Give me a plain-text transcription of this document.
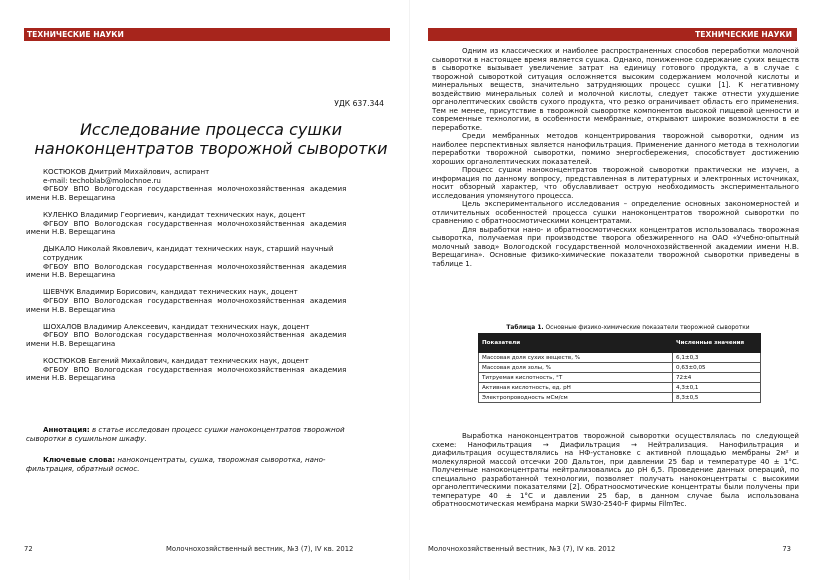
ТЕХНИЧЕСКИЕ НАУКИ
УДК 637.344
Исследование процесса сушки
наноконцентратов творожной сыворотки
КОСТЮКОВ Дмитрий Михайлович, аспирант
e-mail: techoblab@molochnoe.ru
ФГБОУ ВПО Вологодская государственная молочнохозяйственная академия
имени Н.В. Верещагина
КУЛЕНКО Владимир Георгиевич, кандидат технических наук, доцент
ФГБОУ ВПО Вологодская государственная молочнохозяйственная академия
имени Н.В. Верещагина
ДЫКАЛО Николай Яковлевич, кандидат технических наук, старший научный
сотрудник
ФГБОУ ВПО Вологодская государственная молочнохозяйственная академия
имени Н.В. Верещагина
ШЕВЧУК Владимир Борисович, кандидат технических наук, доцент
ФГБОУ ВПО Вологодская государственная молочнохозяйственная академия
имени Н.В. Верещагина
ШОХАЛОВ Владимир Алексеевич, кандидат технических наук, доцент
ФГБОУ ВПО Вологодская государственная молочнохозяйственная академия
имени Н.В. Верещагина
КОСТЮКОВ Евгений Михайлович, кандидат технических наук, доцент
ФГБОУ ВПО Вологодская государственная молочнохозяйственная академия
имени Н.В. Верещагина
Аннотация: в статье исследован процесс сушки наноконцентратов творожной
сыворотки в сушильном шкафу.
Ключевые слова: наноконцентраты, сушка, творожная сыворотка, нано-
фильтрация, обратный осмос.
72	Молочнохозяйственный вестник, №3 (7), IV кв. 2012
ТЕХНИЧЕСКИЕ НАУКИ

Одним из классических и наиболее распространенных способов переработки молочной сыворотки в настоящее время является сушка. Однако, пониженное содержание сухих веществ в сыворотке вызывает увеличение затрат на единицу готового продукта, а в случае с творожной сывороткой ситуация осложняется высоким содержанием молочной кислоты и минеральных веществ, значительно затрудняющих процесс сушки [1]. К негативному воздействию минеральных солей и молочной кислоты, следует также отнести ухудшение органолептических свойств сухого продукта, что резко ограничивает область его применения. Тем не менее, присутствие в творожной сыворотке компонентов высокой пищевой ценности и современные технологии, в особенности мембранные, открывают широкие возможности в ее переработке.

Среди мембранных методов концентрирования творожной сыворотки, одним из наиболее перспективных является нанофильтрация. Применение данного метода в технологии переработки творожной сыворотки, помимо энергосбережения, способствует достижению хороших органолептических показателей.

Процесс сушки наноконцентратов творожной сыворотки практически не изучен, а информация по данному вопросу, представленная в литературных и электронных источниках, носит обзорный характер, что обуславливает острую необходимость экспериментального исследования упомянутого процесса.

Цель экспериментального исследования – определение основных закономерностей и отличительных особенностей процесса сушки наноконцентратов творожной сыворотки по сравнению с обратноосмотическими концентратами.

Для выработки нано- и обратноосмотических концентратов использовалась творожная сыворотка, получаемая при производстве творога обезжиренного на ОАО «Учебно-опытный молочный завод» Вологодской государственной молочнохозяйственной академии имени Н.В. Верещагина». Основные физико-химические показатели творожной сыворотки приведены в таблице 1.

Таблица 1. Основные физико-химические показатели творожной сыворотки
Показатели	Численные значения
Массовая доля сухих веществ, %	6,1±0,3
Массовая доля золы, %	0,63±0,05
Титруемая кислотность, °Т	72±4
Активная кислотность, ед. рН	4,3±0,1
Электропроводность мСм/см	8,3±0,5

Выработка наноконцентратов творожной сыворотки осуществлялась по следующей схеме: Нанофильтрация → Диафильтрация → Нейтрализация. Нанофильтрация и диафильтрация осуществлялись на НФ-установке с активной площадью мембраны 2м² и молекулярной массой отсечки 200 Дальтон, при давлении 25 бар и температуре 40 ± 1°С. Полученные наноконцентраты нейтрализовались до рН 6,5. Проведение данных операций, по специально разработанной технологии, позволяет получать наноконцентраты с высокими органолептическими показателями [2]. Обратноосмотические концентраты были получены при температуре 40 ± 1°С и давлении 25 бар, в данном случае была использована обратноосмотическая мембрана марки SW30-2540-F фирмы FilmTec.

Молочнохозяйственный вестник, №3 (7), IV кв. 2012	73
